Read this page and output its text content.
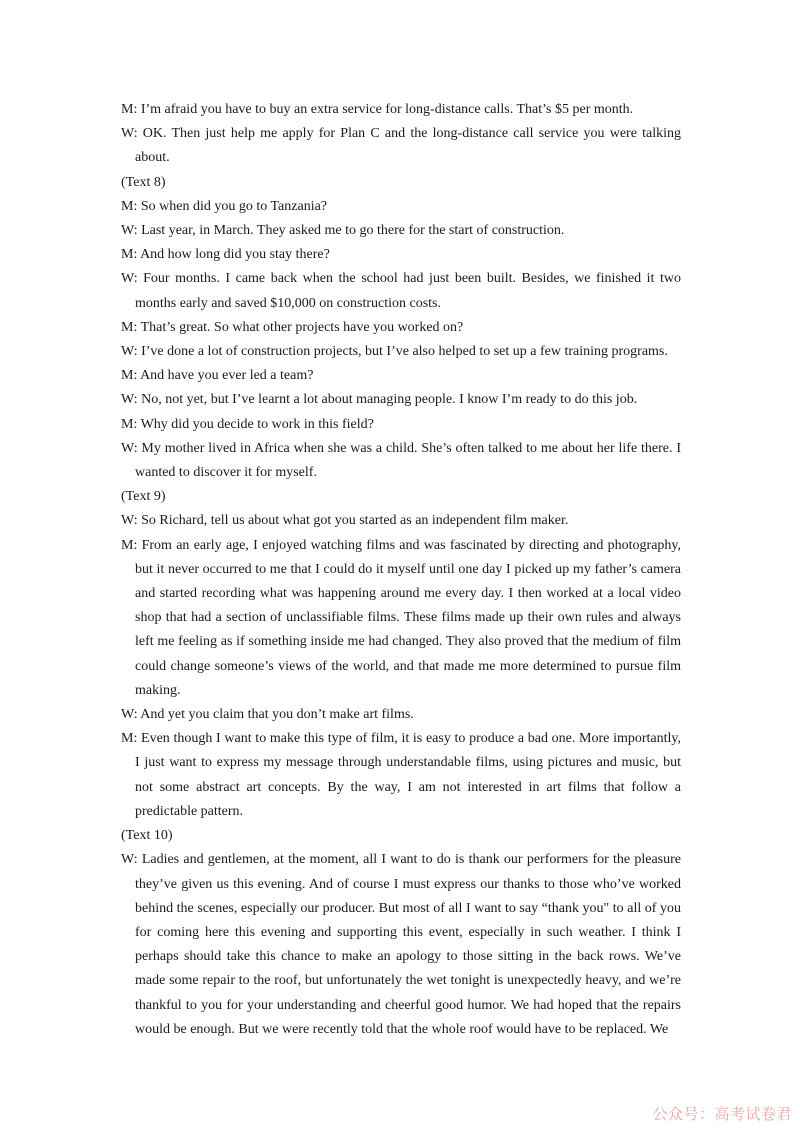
M: I’m afraid you have to buy an extra service for long-distance calls. That’s $5 per month.

W: OK. Then just help me apply for Plan C and the long-distance call service you were talking about.

(Text 8)

M: So when did you go to Tanzania?

W: Last year, in March. They asked me to go there for the start of construction.

M: And how long did you stay there?

W: Four months. I came back when the school had just been built. Besides, we finished it two months early and saved $10,000 on construction costs.

M: That’s great. So what other projects have you worked on?

W: I’ve done a lot of construction projects, but I’ve also helped to set up a few training programs.

M: And have you ever led a team?

W: No, not yet, but I’ve learnt a lot about managing people. I know I’m ready to do this job.

M: Why did you decide to work in this field?

W: My mother lived in Africa when she was a child. She’s often talked to me about her life there. I wanted to discover it for myself.

(Text 9)

W: So Richard, tell us about what got you started as an independent film maker.

M: From an early age, I enjoyed watching films and was fascinated by directing and photography, but it never occurred to me that I could do it myself until one day I picked up my father’s camera and started recording what was happening around me every day. I then worked at a local video shop that had a section of unclassifiable films. These films made up their own rules and always left me feeling as if something inside me had changed. They also proved that the medium of film could change someone’s views of the world, and that made me more determined to pursue film making.

W: And yet you claim that you don’t make art films.

M: Even though I want to make this type of film, it is easy to produce a bad one. More importantly, I just want to express my message through understandable films, using pictures and music, but not some abstract art concepts. By the way, I am not interested in art films that follow a predictable pattern.

(Text 10)

W: Ladies and gentlemen, at the moment, all I want to do is thank our performers for the pleasure they’ve given us this evening. And of course I must express our thanks to those who’ve worked behind the scenes, especially our producer. But most of all I want to say “thank you" to all of you for coming here this evening and supporting this event, especially in such weather. I think I perhaps should take this chance to make an apology to those sitting in the back rows. We’ve made some repair to the roof, but unfortunately the wet tonight is unexpectedly heavy, and we’re thankful to you for your understanding and cheerful good humor. We had hoped that the repairs would be enough. But we were recently told that the whole roof would have to be replaced. We

公众号：高考试卷君
